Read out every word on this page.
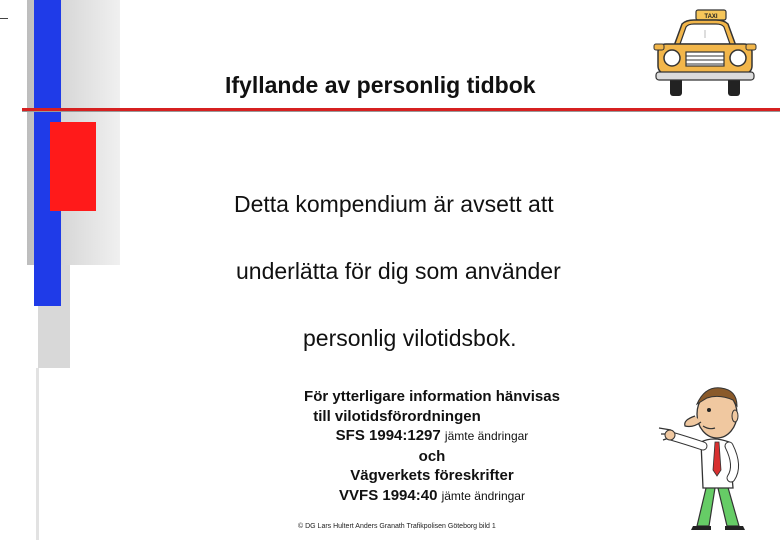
Ifyllande av personlig tidbok
TAXI
Detta kompendium är avsett att
underlätta för dig som använder
personlig vilotidsbok.
För ytterligare information hänvisas
till vilotidsförordningen
SFS 1994:1297 jämte ändringar
och
Vägverkets föreskrifter
VVFS 1994:40 jämte ändringar
© DG Lars Hultert Anders Granath Trafikpolisen Göteborg bild 1
